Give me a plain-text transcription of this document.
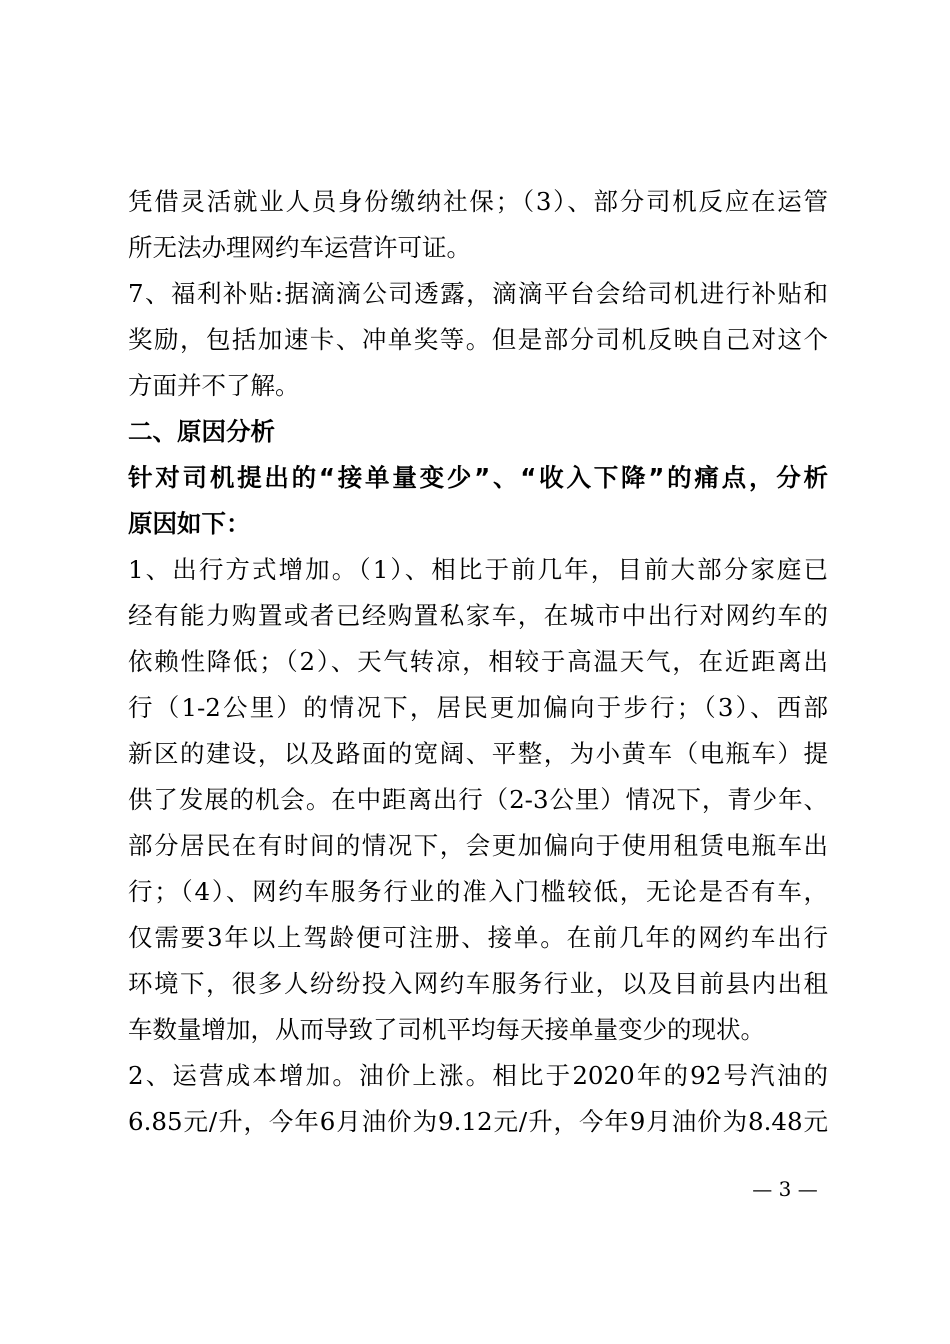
凭借灵活就业人员身份缴纳社保；（3）、部分司机反应在运管
所无法办理网约车运营许可证。
7、福利补贴:据滴滴公司透露，滴滴平台会给司机进行补贴和
奖励，包括加速卡、冲单奖等。但是部分司机反映自己对这个
方面并不了解。
二、原因分析
针对司机提出的“接单量变少”、“收入下降”的痛点，分析
原因如下：
1、出行方式增加。（1）、相比于前几年，目前大部分家庭已
经有能力购置或者已经购置私家车，在城市中出行对网约车的
依赖性降低；（2）、天气转凉，相较于高温天气，在近距离出
行（1-2公里）的情况下，居民更加偏向于步行；（3）、西部
新区的建设，以及路面的宽阔、平整，为小黄车（电瓶车）提
供了发展的机会。在中距离出行（2-3公里）情况下，青少年、
部分居民在有时间的情况下，会更加偏向于使用租赁电瓶车出
行；（4）、网约车服务行业的准入门槛较低，无论是否有车，
仅需要3年以上驾龄便可注册、接单。在前几年的网约车出行
环境下，很多人纷纷投入网约车服务行业，以及目前县内出租
车数量增加，从而导致了司机平均每天接单量变少的现状。
2、运营成本增加。油价上涨。相比于2020年的92号汽油的
6.85元/升，今年6月油价为9.12元/升，今年9月油价为8.48元
— 3 —
